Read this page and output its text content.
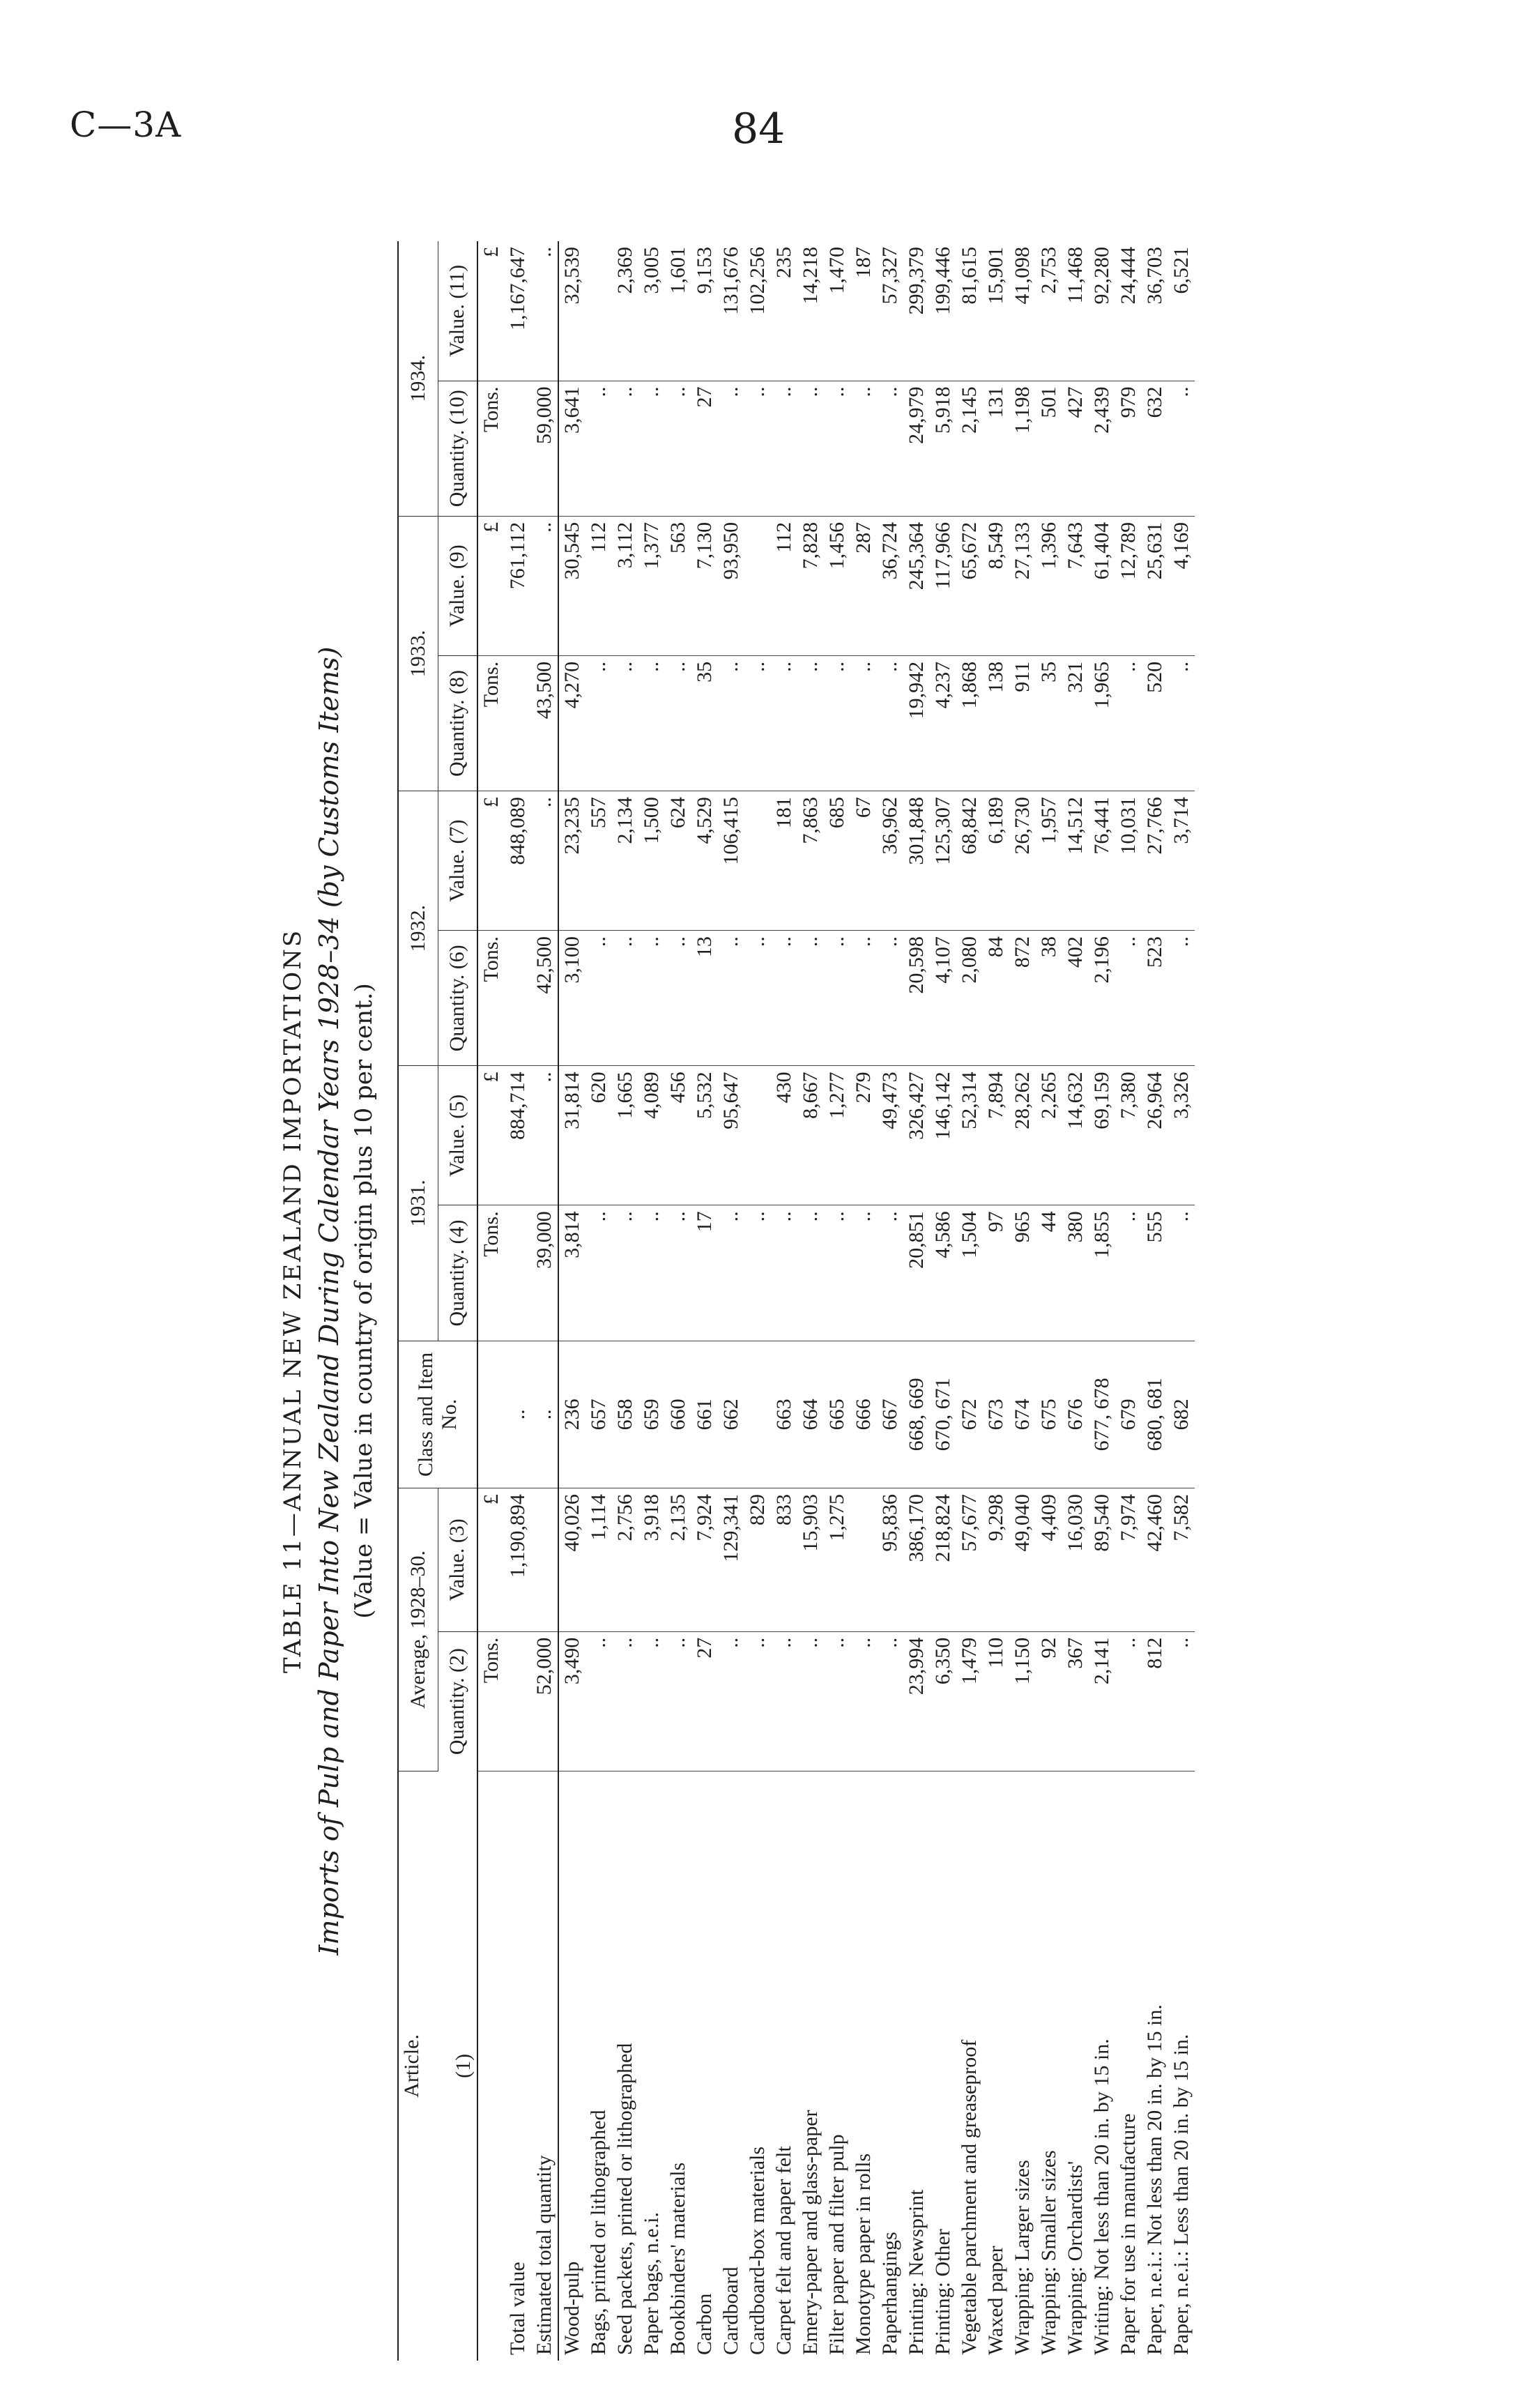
C—3A	84
TABLE 11—ANNUAL NEW ZEALAND IMPORTATIONS Imports of Pulp and Paper Into New Zealand During Calendar Years 1928–34 (by Customs Items) (Value = Value in country of origin plus 10 per cent.)
Article. (1)	Average, 1928–30.		Class and Item No.	1931.		1932.		1933.		1934.	
	Quantity. (2)	Value. (3)		Quantity. (4)	Value. (5)	Quantity. (6)	Value. (7)	Quantity. (8)	Value. (9)	Quantity. (10)	Value. (11)
	Tons.	£		Tons.	£	Tons.	£	Tons.	£	Tons.	£
Total value		1,190,894	..		884,714		848,089		761,112		1,167,647
Estimated total quantity	52,000		..	39,000	..	42,500	..	43,500	..	59,000	..
Wood-pulp	3,490	40,026	236	3,814	31,814	3,100	23,235	4,270	30,545	3,641	32,539
Bags, printed or lithographed	..	1,114	657	..	620	..	557	..	112	..	
Seed packets, printed or lithographed	..	2,756	658	..	1,665	..	2,134	..	3,112	..	2,369
Paper bags, n.e.i.	..	3,918	659	..	4,089	..	1,500	..	1,377	..	3,005
Bookbinders' materials	..	2,135	660	..	456	..	624	..	563	..	1,601
Carbon	27	7,924	661	17	5,532	13	4,529	35	7,130	27	9,153
Cardboard	..	129,341	662	..	95,647	..	106,415	..	93,950	..	131,676
Cardboard-box materials	..	829		..		..		..		..	102,256
Carpet felt and paper felt	..	833	663	..	430	..	181	..	112	..	235
Emery-paper and glass-paper	..	15,903	664	..	8,667	..	7,863	..	7,828	..	14,218
Filter paper and filter pulp	..	1,275	665	..	1,277	..	685	..	1,456	..	1,470
Monotype paper in rolls	..		666	..	279	..	67	..	287	..	187
Paperhangings	..	95,836	667	..	49,473	..	36,962	..	36,724	..	57,327
Printing: Newsprint	23,994	386,170	668, 669	20,851	326,427	20,598	301,848	19,942	245,364	24,979	299,379
Printing: Other	6,350	218,824	670, 671	4,586	146,142	4,107	125,307	4,237	117,966	5,918	199,446
Vegetable parchment and greaseproof	1,479	57,677	672	1,504	52,314	2,080	68,842	1,868	65,672	2,145	81,615
Waxed paper	110	9,298	673	97	7,894	84	6,189	138	8,549	131	15,901
Wrapping: Larger sizes	1,150	49,040	674	965	28,262	872	26,730	911	27,133	1,198	41,098
Wrapping: Smaller sizes	92	4,409	675	44	2,265	38	1,957	35	1,396	501	2,753
Wrapping: Orchardists'	367	16,030	676	380	14,632	402	14,512	321	7,643	427	11,468
Writing: Not less than 20 in. by 15 in.	2,141	89,540	677, 678	1,855	69,159	2,196	76,441	1,965	61,404	2,439	92,280
Paper for use in manufacture	..	7,974	679	..	7,380	..	10,031	..	12,789	979	24,444
Paper, n.e.i.: Not less than 20 in. by 15 in.	812	42,460	680, 681	555	26,964	523	27,766	520	25,631	632	36,703
Paper, n.e.i.: Less than 20 in. by 15 in.	..	7,582	682	..	3,326	..	3,714	..	4,169	..	6,521
